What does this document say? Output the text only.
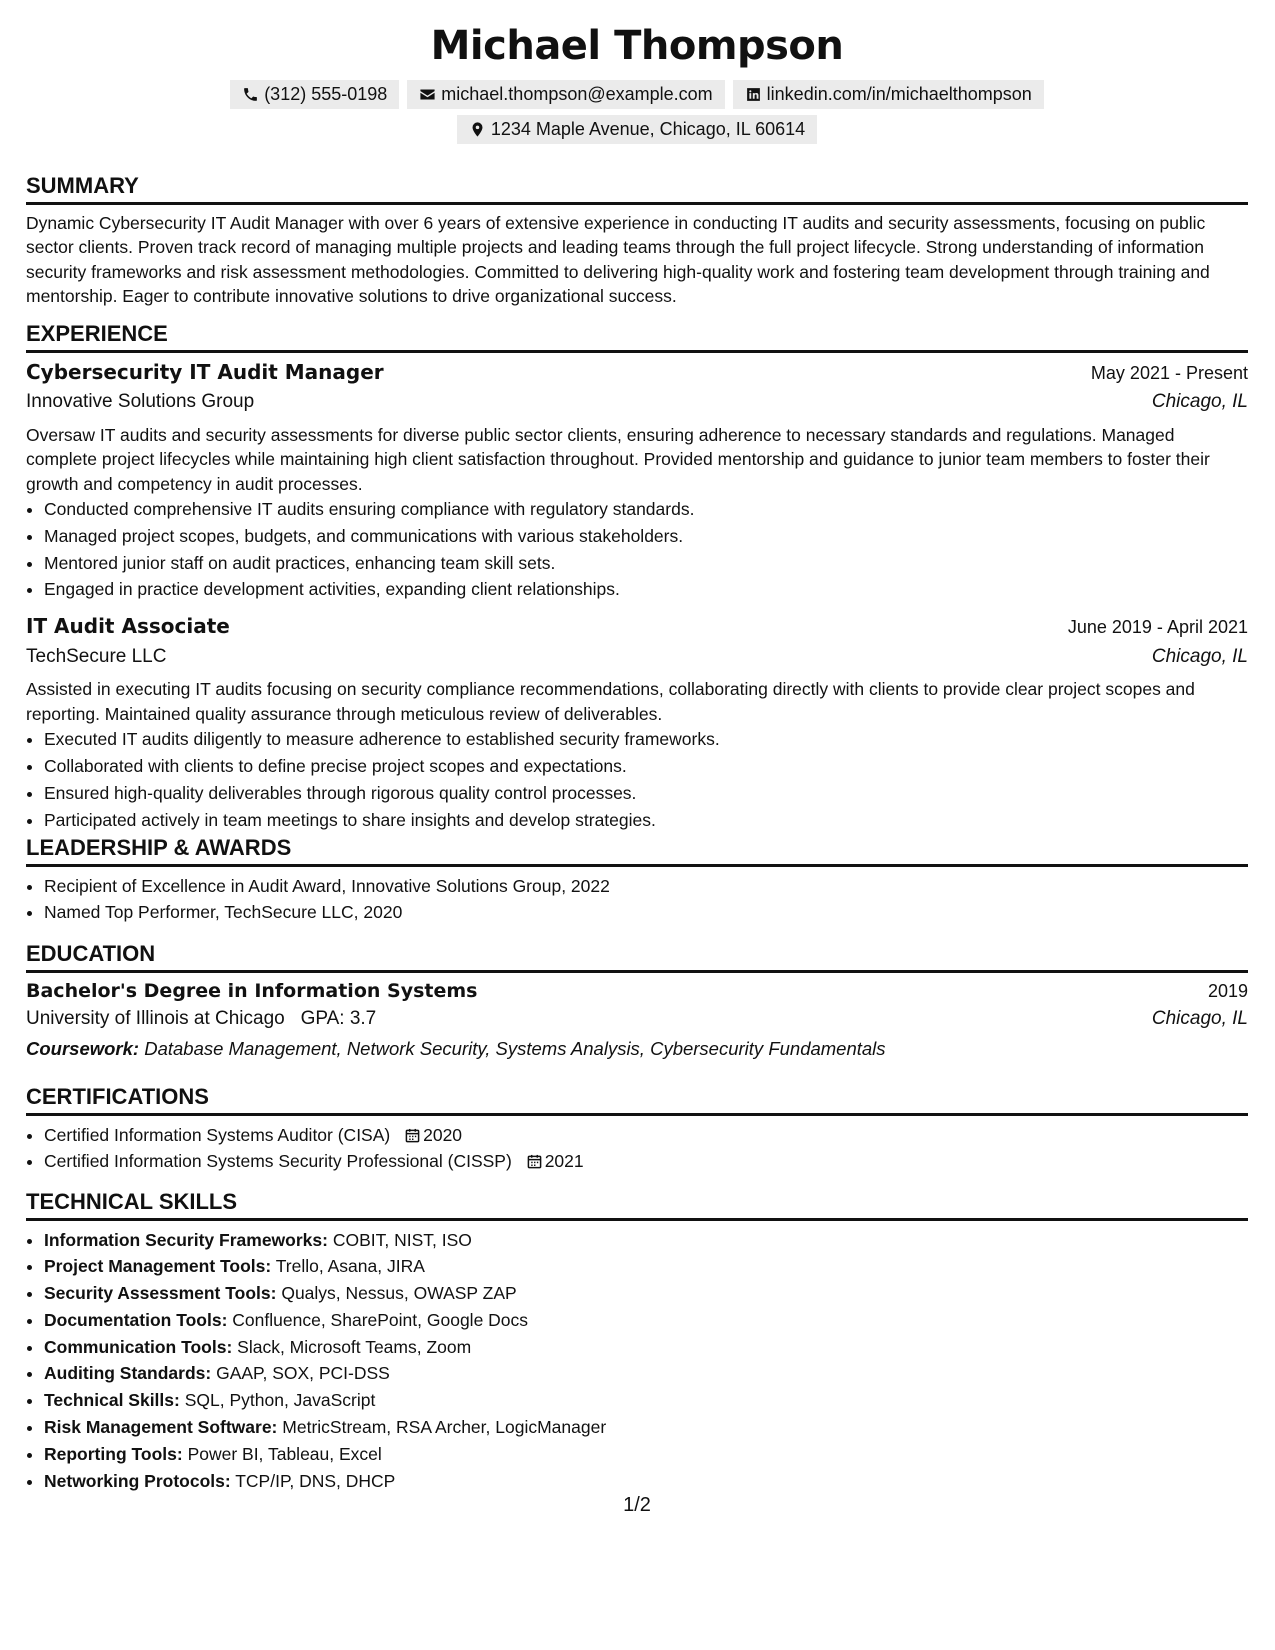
Michael Thompson
(312) 555-0198	michael.thompson@example.com	linkedin.com/in/michaelthompson
1234 Maple Avenue, Chicago, IL 60614
SUMMARY

Dynamic Cybersecurity IT Audit Manager with over 6 years of extensive experience in conducting IT audits and security assessments, focusing on public sector clients. Proven track record of managing multiple projects and leading teams through the full project lifecycle. Strong understanding of information security frameworks and risk assessment methodologies. Committed to delivering high-quality work and fostering team development through training and mentorship. Eager to contribute innovative solutions to drive organizational success.

EXPERIENCE
Cybersecurity IT Audit Manager	May 2021 - Present
Innovative Solutions Group	Chicago, IL

Oversaw IT audits and security assessments for diverse public sector clients, ensuring adherence to necessary standards and regulations. Managed complete project lifecycles while maintaining high client satisfaction throughout. Provided mentorship and guidance to junior team members to foster their growth and competency in audit processes.

• Conducted comprehensive IT audits ensuring compliance with regulatory standards.
• Managed project scopes, budgets, and communications with various stakeholders.
• Mentored junior staff on audit practices, enhancing team skill sets.
• Engaged in practice development activities, expanding client relationships.
IT Audit Associate	June 2019 - April 2021
TechSecure LLC	Chicago, IL

Assisted in executing IT audits focusing on security compliance recommendations, collaborating directly with clients to provide clear project scopes and reporting. Maintained quality assurance through meticulous review of deliverables.

• Executed IT audits diligently to measure adherence to established security frameworks.
• Collaborated with clients to define precise project scopes and expectations.
• Ensured high-quality deliverables through rigorous quality control processes.
• Participated actively in team meetings to share insights and develop strategies.
LEADERSHIP & AWARDS
• Recipient of Excellence in Audit Award, Innovative Solutions Group, 2022
• Named Top Performer, TechSecure LLC, 2020
EDUCATION
Bachelor's Degree in Information Systems	2019
University of Illinois at Chicago GPA: 3.7	Chicago, IL

Coursework: Database Management, Network Security, Systems Analysis, Cybersecurity Fundamentals

CERTIFICATIONS
• Certified Information Systems Auditor (CISA) 2020
• Certified Information Systems Security Professional (CISSP) 2021
TECHNICAL SKILLS
• Information Security Frameworks: COBIT, NIST, ISO
• Project Management Tools: Trello, Asana, JIRA
• Security Assessment Tools: Qualys, Nessus, OWASP ZAP
• Documentation Tools: Confluence, SharePoint, Google Docs
• Communication Tools: Slack, Microsoft Teams, Zoom
• Auditing Standards: GAAP, SOX, PCI-DSS
• Technical Skills: SQL, Python, JavaScript
• Risk Management Software: MetricStream, RSA Archer, LogicManager
• Reporting Tools: Power BI, Tableau, Excel
• Networking Protocols: TCP/IP, DNS, DHCP
1/2
